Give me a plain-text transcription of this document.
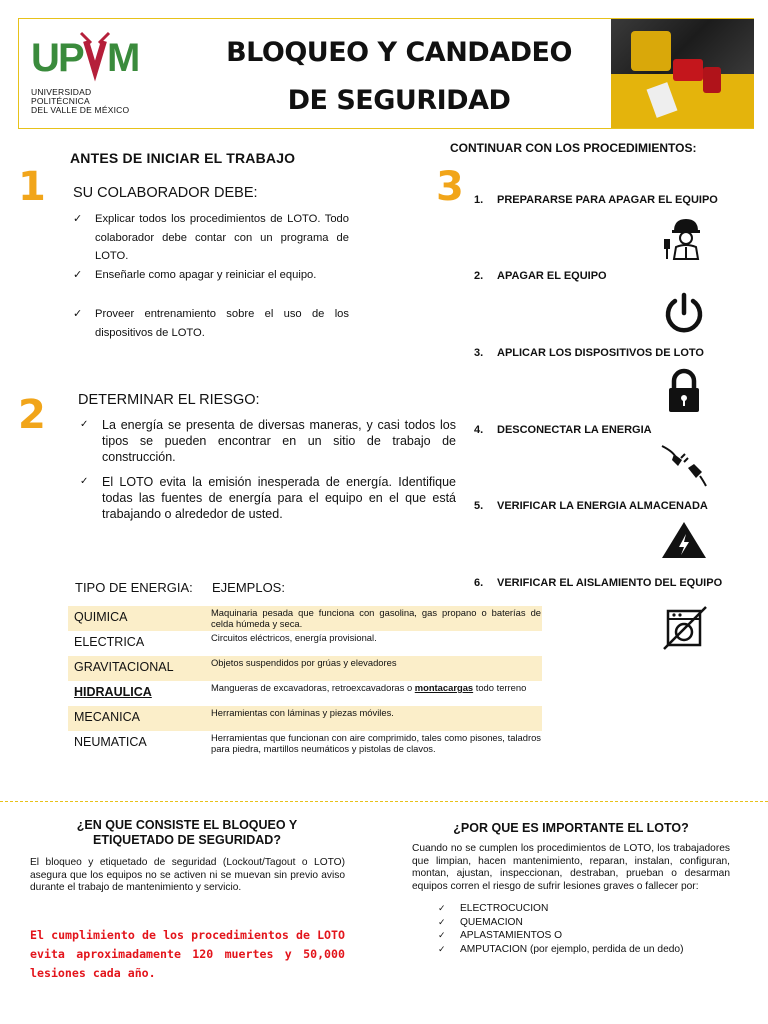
U
P M
UNIVERSIDAD POLITÉCNICA
DEL VALLE DE MÉXICO
BLOQUEO Y CANDADEO
DE SEGURIDAD
1
ANTES DE INICIAR EL TRABAJO
SU COLABORADOR DEBE:
✓ Explicar todos los procedimientos de LOTO. Todo colaborador debe contar con un programa de LOTO.
✓ Enseñarle como apagar y reiniciar el equipo.
✓ Proveer entrenamiento sobre el uso de los dispositivos de LOTO.
2 DETERMINAR EL RIESGO:
✓ La energía se presenta de diversas maneras, y casi todos los tipos se pueden encontrar en un sitio de trabajo de construcción.
✓ El LOTO evita la emisión inesperada de energía. Identifique todas las fuentes de energía para el equipo en el que está trabajando o alrededor de usted.
TIPO DE ENERGIA: EJEMPLOS:
QUIMICA	Maquinaria pesada que funciona con gasolina, gas propano o baterías de celda húmeda y seca.
ELECTRICA	Circuitos eléctricos, energía provisional.
GRAVITACIONAL	Objetos suspendidos por grúas y elevadores
HIDRAULICA	Mangueras de excavadoras, retroexcavadoras o montacargas todo terreno
MECANICA	Herramientas con láminas y piezas móviles.
NEUMATICA	Herramientas que funcionan con aire comprimido, tales como pisones, taladros para piedra, martillos neumáticos y pistolas de clavos.
CONTINUAR CON LOS PROCEDIMIENTOS:
3 1. PREPARARSE PARA APAGAR EL EQUIPO
2. APAGAR EL EQUIPO
3. APLICAR LOS DISPOSITIVOS DE LOTO
4. DESCONECTAR LA ENERGIA
5. VERIFICAR LA ENERGIA ALMACENADA
6. VERIFICAR EL AISLAMIENTO DEL EQUIPO
¿EN QUE CONSISTE EL BLOQUEO Y
ETIQUETADO DE SEGURIDAD?
El bloqueo y etiquetado de seguridad (Lockout/Tagout o LOTO) asegura que los equipos no se activen ni se muevan sin previo aviso durante el trabajo de mantenimiento y servicio.
El cumplimiento de los procedimientos de LOTO evita aproximadamente 120 muertes y 50,000 lesiones cada año.
¿POR QUE ES IMPORTANTE EL LOTO?
Cuando no se cumplen los procedimientos de LOTO, los trabajadores que limpian, hacen mantenimiento, reparan, instalan, configuran, montan, ajustan, inspeccionan, destraban, prueban o desarman equipos corren el riesgo de sufrir lesiones graves o fallecer por:
✓ ELECTROCUCION
✓ QUEMACION
✓ APLASTAMIENTOS O
✓ AMPUTACION (por ejemplo, perdida de un dedo)
